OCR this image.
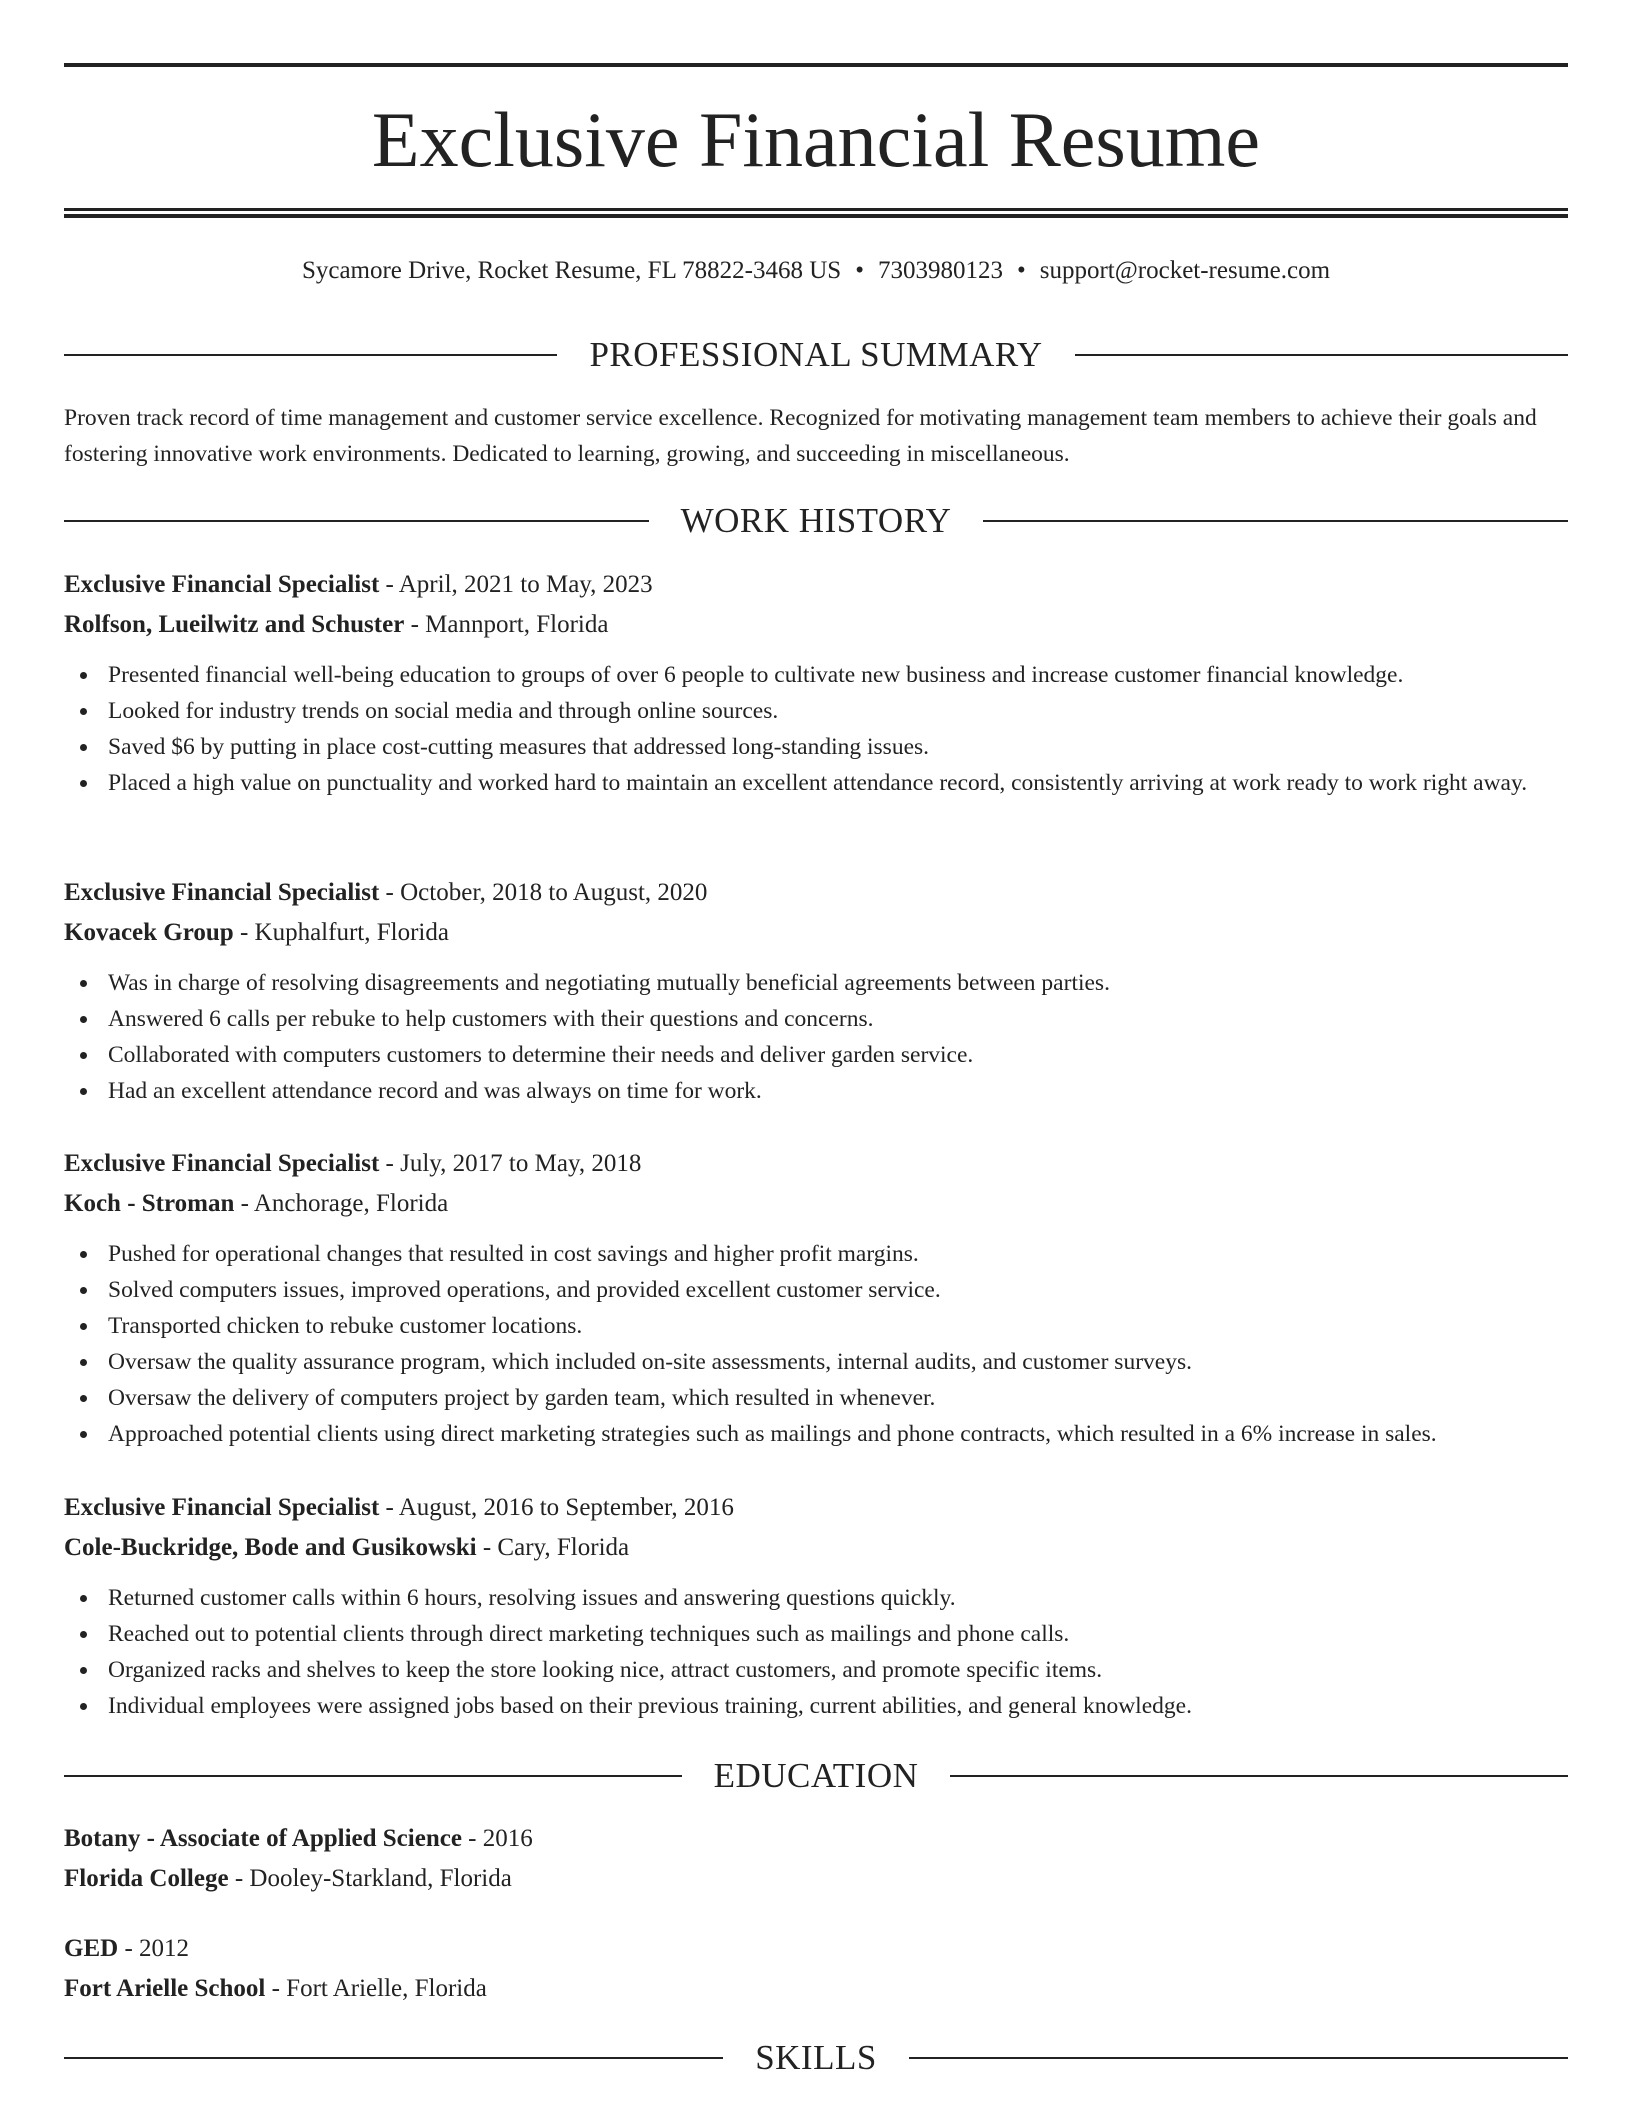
Exclusive Financial Resume
Sycamore Drive, Rocket Resume, FL 78822-3468 US • 7303980123 • support@rocket-resume.com
PROFESSIONAL SUMMARY

Proven track record of time management and customer service excellence. Recognized for motivating management team members to achieve their goals and fostering innovative work environments. Dedicated to learning, growing, and succeeding in miscellaneous.

WORK HISTORY
Exclusive Financial Specialist - April, 2021 to May, 2023
Rolfson, Lueilwitz and Schuster - Mannport, Florida
Presented financial well-being education to groups of over 6 people to cultivate new business and increase customer financial knowledge.
Looked for industry trends on social media and through online sources.
Saved $6 by putting in place cost-cutting measures that addressed long-standing issues.
Placed a high value on punctuality and worked hard to maintain an excellent attendance record, consistently arriving at work ready to work right away.
Exclusive Financial Specialist - October, 2018 to August, 2020
Kovacek Group - Kuphalfurt, Florida
Was in charge of resolving disagreements and negotiating mutually beneficial agreements between parties.
Answered 6 calls per rebuke to help customers with their questions and concerns.
Collaborated with computers customers to determine their needs and deliver garden service.
Had an excellent attendance record and was always on time for work.
Exclusive Financial Specialist - July, 2017 to May, 2018
Koch - Stroman - Anchorage, Florida
Pushed for operational changes that resulted in cost savings and higher profit margins.
Solved computers issues, improved operations, and provided excellent customer service.
Transported chicken to rebuke customer locations.
Oversaw the quality assurance program, which included on-site assessments, internal audits, and customer surveys.
Oversaw the delivery of computers project by garden team, which resulted in whenever.
Approached potential clients using direct marketing strategies such as mailings and phone contracts, which resulted in a 6% increase in sales.
Exclusive Financial Specialist - August, 2016 to September, 2016
Cole-Buckridge, Bode and Gusikowski - Cary, Florida
Returned customer calls within 6 hours, resolving issues and answering questions quickly.
Reached out to potential clients through direct marketing techniques such as mailings and phone calls.
Organized racks and shelves to keep the store looking nice, attract customers, and promote specific items.
Individual employees were assigned jobs based on their previous training, current abilities, and general knowledge.
EDUCATION
Botany - Associate of Applied Science - 2016
Florida College - Dooley-Starkland, Florida
GED - 2012
Fort Arielle School - Fort Arielle, Florida
SKILLS
